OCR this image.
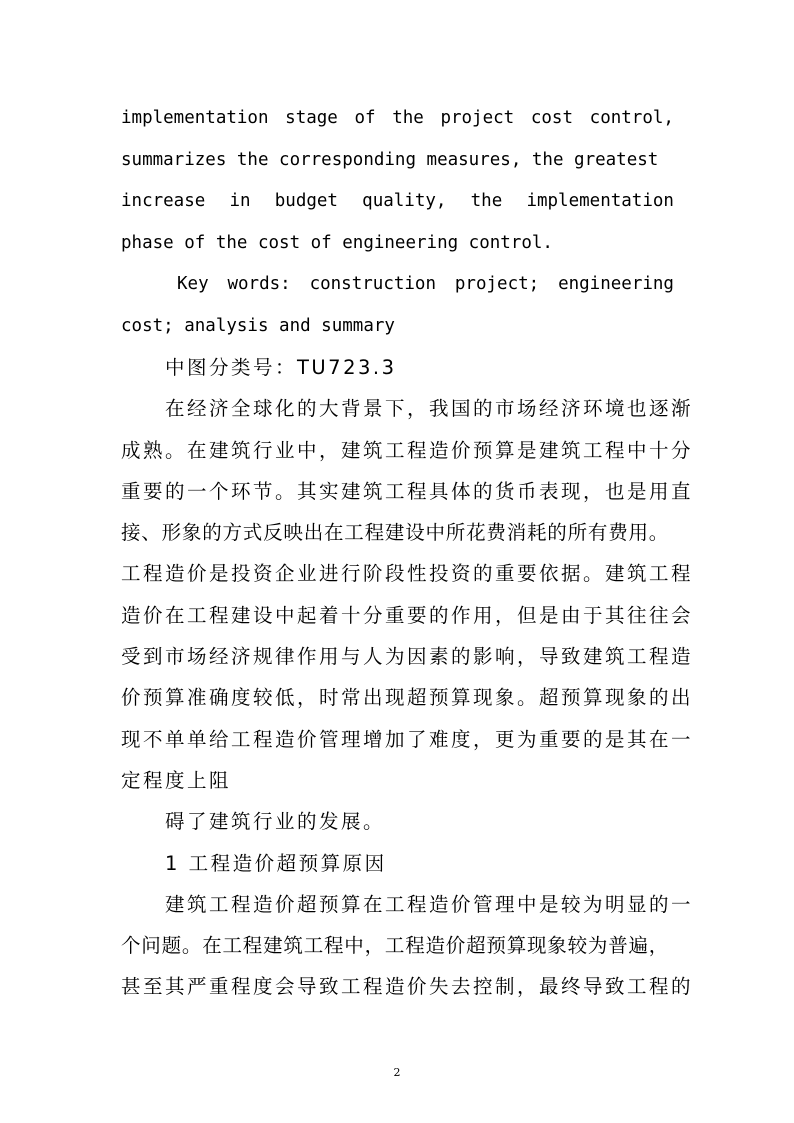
implementation stage of the project cost control,
summarizes the corresponding measures, the greatest
increase in budget quality, the implementation
phase of the cost of engineering control.
Key words: construction project; engineering
cost; analysis and summary
中图分类号：TU723.3
在经济全球化的大背景下，我国的市场经济环境也逐渐
成熟。在建筑行业中，建筑工程造价预算是建筑工程中十分
重要的一个环节。其实建筑工程具体的货币表现，也是用直
接、形象的方式反映出在工程建设中所花费消耗的所有费用。
工程造价是投资企业进行阶段性投资的重要依据。建筑工程
造价在工程建设中起着十分重要的作用，但是由于其往往会
受到市场经济规律作用与人为因素的影响，导致建筑工程造
价预算准确度较低，时常出现超预算现象。超预算现象的出
现不单单给工程造价管理增加了难度，更为重要的是其在一
定程度上阻
碍了建筑行业的发展。
1 工程造价超预算原因
建筑工程造价超预算在工程造价管理中是较为明显的一
个问题。在工程建筑工程中，工程造价超预算现象较为普遍，
甚至其严重程度会导致工程造价失去控制，最终导致工程的
2
